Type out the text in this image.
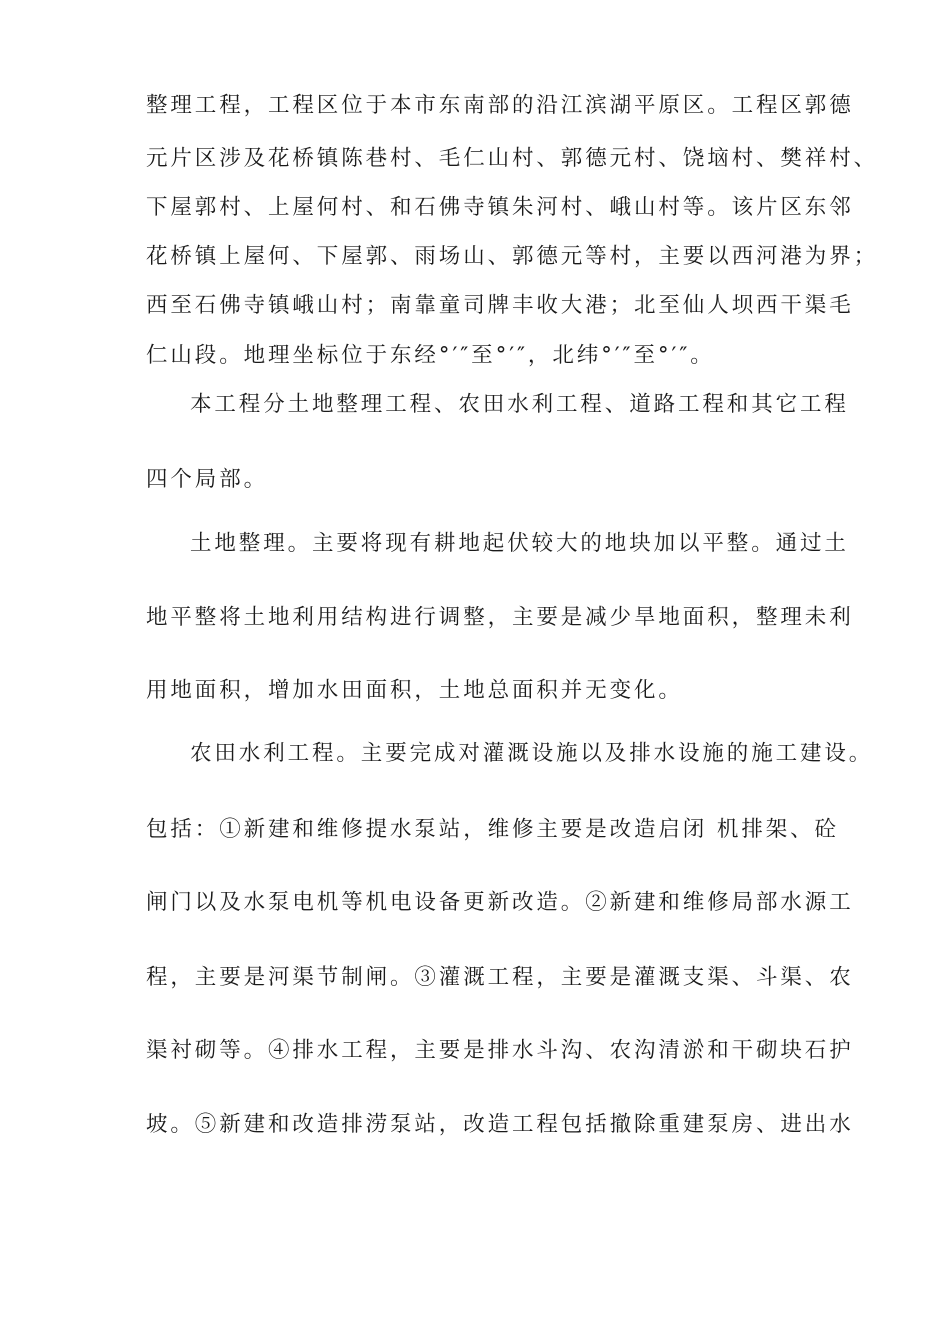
整理工程，工程区位于本市东南部的沿江滨湖平原区。工程区郭德
元片区涉及花桥镇陈巷村、毛仁山村、郭德元村、饶垴村、樊祥村、
下屋郭村、上屋何村、和石佛寺镇朱河村、峨山村等。该片区东邻
花桥镇上屋何、下屋郭、雨场山、郭德元等村，主要以西河港为界；
西至石佛寺镇峨山村；南靠童司牌丰收大港；北至仙人坝西干渠毛
仁山段。地理坐标位于东经°′″至°′″，北纬°′″至°′″。
本工程分土地整理工程、农田水利工程、道路工程和其它工程
四个局部。
土地整理。主要将现有耕地起伏较大的地块加以平整。通过土
地平整将土地利用结构进行调整，主要是减少旱地面积，整理未利
用地面积，增加水田面积，土地总面积并无变化。
农田水利工程。主要完成对灌溉设施以及排水设施的施工建设。
包括：①新建和维修提水泵站，维修主要是改造启闭 机排架、砼
闸门以及水泵电机等机电设备更新改造。②新建和维修局部水源工
程，主要是河渠节制闸。③灌溉工程，主要是灌溉支渠、斗渠、农
渠衬砌等。④排水工程，主要是排水斗沟、农沟清淤和干砌块石护
坡。⑤新建和改造排涝泵站，改造工程包括撤除重建泵房、进出水
